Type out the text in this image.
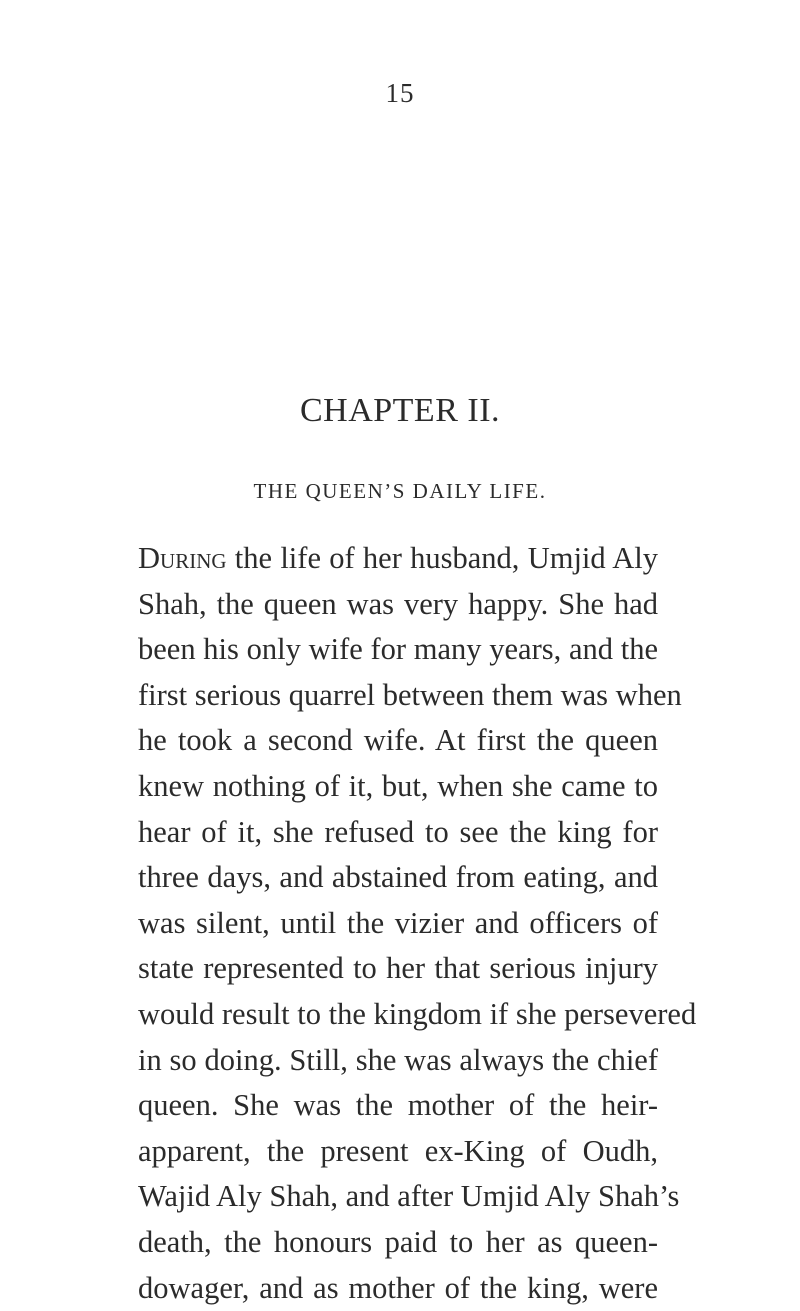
15
CHAPTER II.
THE QUEEN’S DAILY LIFE.
During the life of her husband, Umjid Aly
Shah, the queen was very happy. She had
been his only wife for many years, and the
first serious quarrel between them was when
he took a second wife. At first the queen
knew nothing of it, but, when she came to
hear of it, she refused to see the king for
three days, and abstained from eating, and
was silent, until the vizier and officers of
state represented to her that serious injury
would result to the kingdom if she persevered
in so doing. Still, she was always the chief
queen. She was the mother of the heir-
apparent, the present ex-King of Oudh,
Wajid Aly Shah, and after Umjid Aly Shah’s
death, the honours paid to her as queen-
dowager, and as mother of the king, were
